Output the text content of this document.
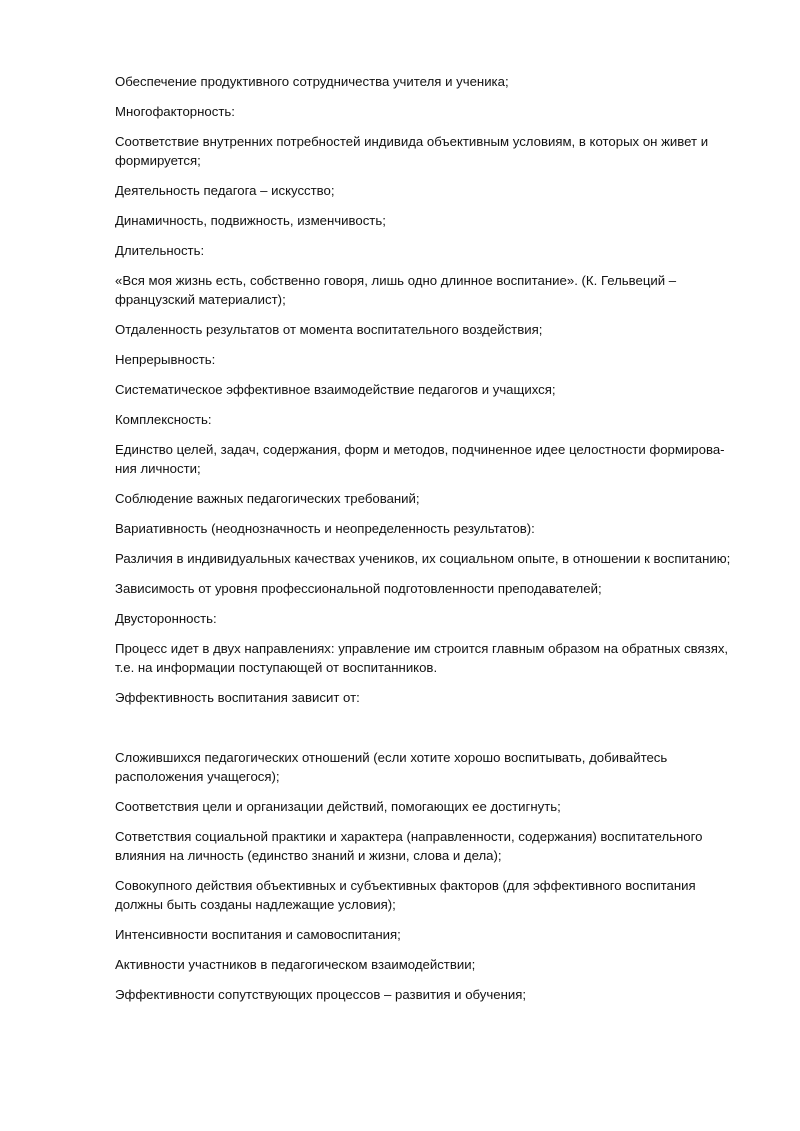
Обеспечение продуктивного сотрудничества учителя и ученика;

Многофакторность:

Соответствие внутренних потребностей индивида объективным условиям, в которых он живет и формируется;

Деятельность педагога – искусство;

Динамичность, подвижность, изменчивость;

Длительность:

«Вся моя жизнь есть, собственно говоря, лишь одно длинное воспитание». (К. Гельвеций – французский материалист);

Отдаленность результатов от момента воспитательного воздействия;

Непрерывность:

Систематическое эффективное взаимодействие педагогов и учащихся;

Комплексность:

Единство целей, задач, содержания, форм и методов, подчиненное идее целостности формирова-ния личности;

Соблюдение важных педагогических требований;

Вариативность (неоднозначность и неопределенность результатов):

Различия в индивидуальных качествах учеников, их социальном опыте, в отношении к воспитанию;

Зависимость от уровня профессиональной подготовленности преподавателей;

Двусторонность:

Процесс идет в двух направлениях: управление им строится главным образом на обратных связях, т.е. на информации поступающей от воспитанников.

Эффективность воспитания зависит от:

Сложившихся педагогических отношений (если хотите хорошо воспитывать, добивайтесь расположения учащегося);

Соответствия цели и организации действий, помогающих ее достигнуть;

Сответствия социальной практики и характера (направленности, содержания) воспитательного влияния на личность (единство знаний и жизни, слова и дела);

Совокупного действия объективных и субъективных факторов (для эффективного воспитания должны быть созданы надлежащие условия);

Интенсивности воспитания и самовоспитания;

Активности участников в педагогическом взаимодействии;

Эффективности сопутствующих процессов – развития и обучения;
